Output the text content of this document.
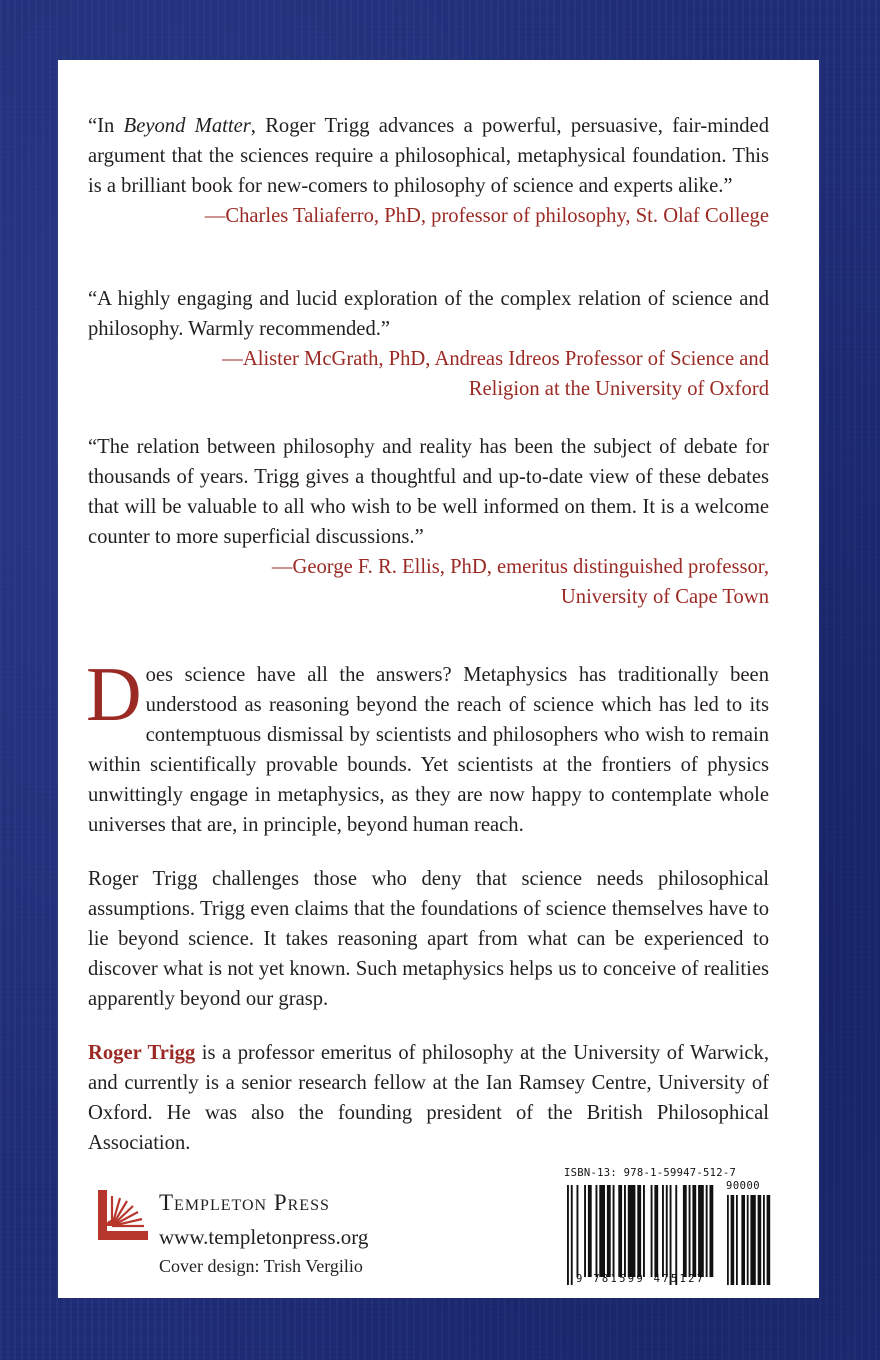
“In Beyond Matter, Roger Trigg advances a powerful, persuasive, fair-minded argument that the sciences require a philosophical, metaphysical foundation. This is a brilliant book for new-comers to philosophy of science and experts alike.”

—Charles Taliaferro, PhD, professor of philosophy, St. Olaf College

“A highly engaging and lucid exploration of the complex relation of science and philosophy. Warmly recommended.”

—Alister McGrath, PhD, Andreas Idreos Professor of Science and

Religion at the University of Oxford

“The relation between philosophy and reality has been the subject of debate for thousands of years. Trigg gives a thoughtful and up-to-date view of these debates that will be valuable to all who wish to be well informed on them. It is a welcome counter to more superficial discussions.”

—George F. R. Ellis, PhD, emeritus distinguished professor,

University of Cape Town

Does science have all the answers? Metaphysics has traditionally been understood as reasoning beyond the reach of science which has led to its contemptuous dismissal by scientists and philosophers who wish to remain within scientifically provable bounds. Yet scientists at the frontiers of physics unwittingly engage in metaphysics, as they are now happy to contemplate whole universes that are, in principle, beyond human reach.

Roger Trigg challenges those who deny that science needs philosophical assumptions. Trigg even claims that the foundations of science themselves have to lie beyond science. It takes reasoning apart from what can be experienced to discover what is not yet known. Such metaphysics helps us to conceive of realities apparently beyond our grasp.

Roger Trigg is a professor emeritus of philosophy at the University of Warwick, and currently is a senior research fellow at the Ian Ramsey Centre, University of Oxford. He was also the founding president of the British Philosophical Association.

Templeton Press
www.templetonpress.org
Cover design: Trish Vergilio
ISBN-13: 978-1-59947-512-7
90000
9 781599 475127
